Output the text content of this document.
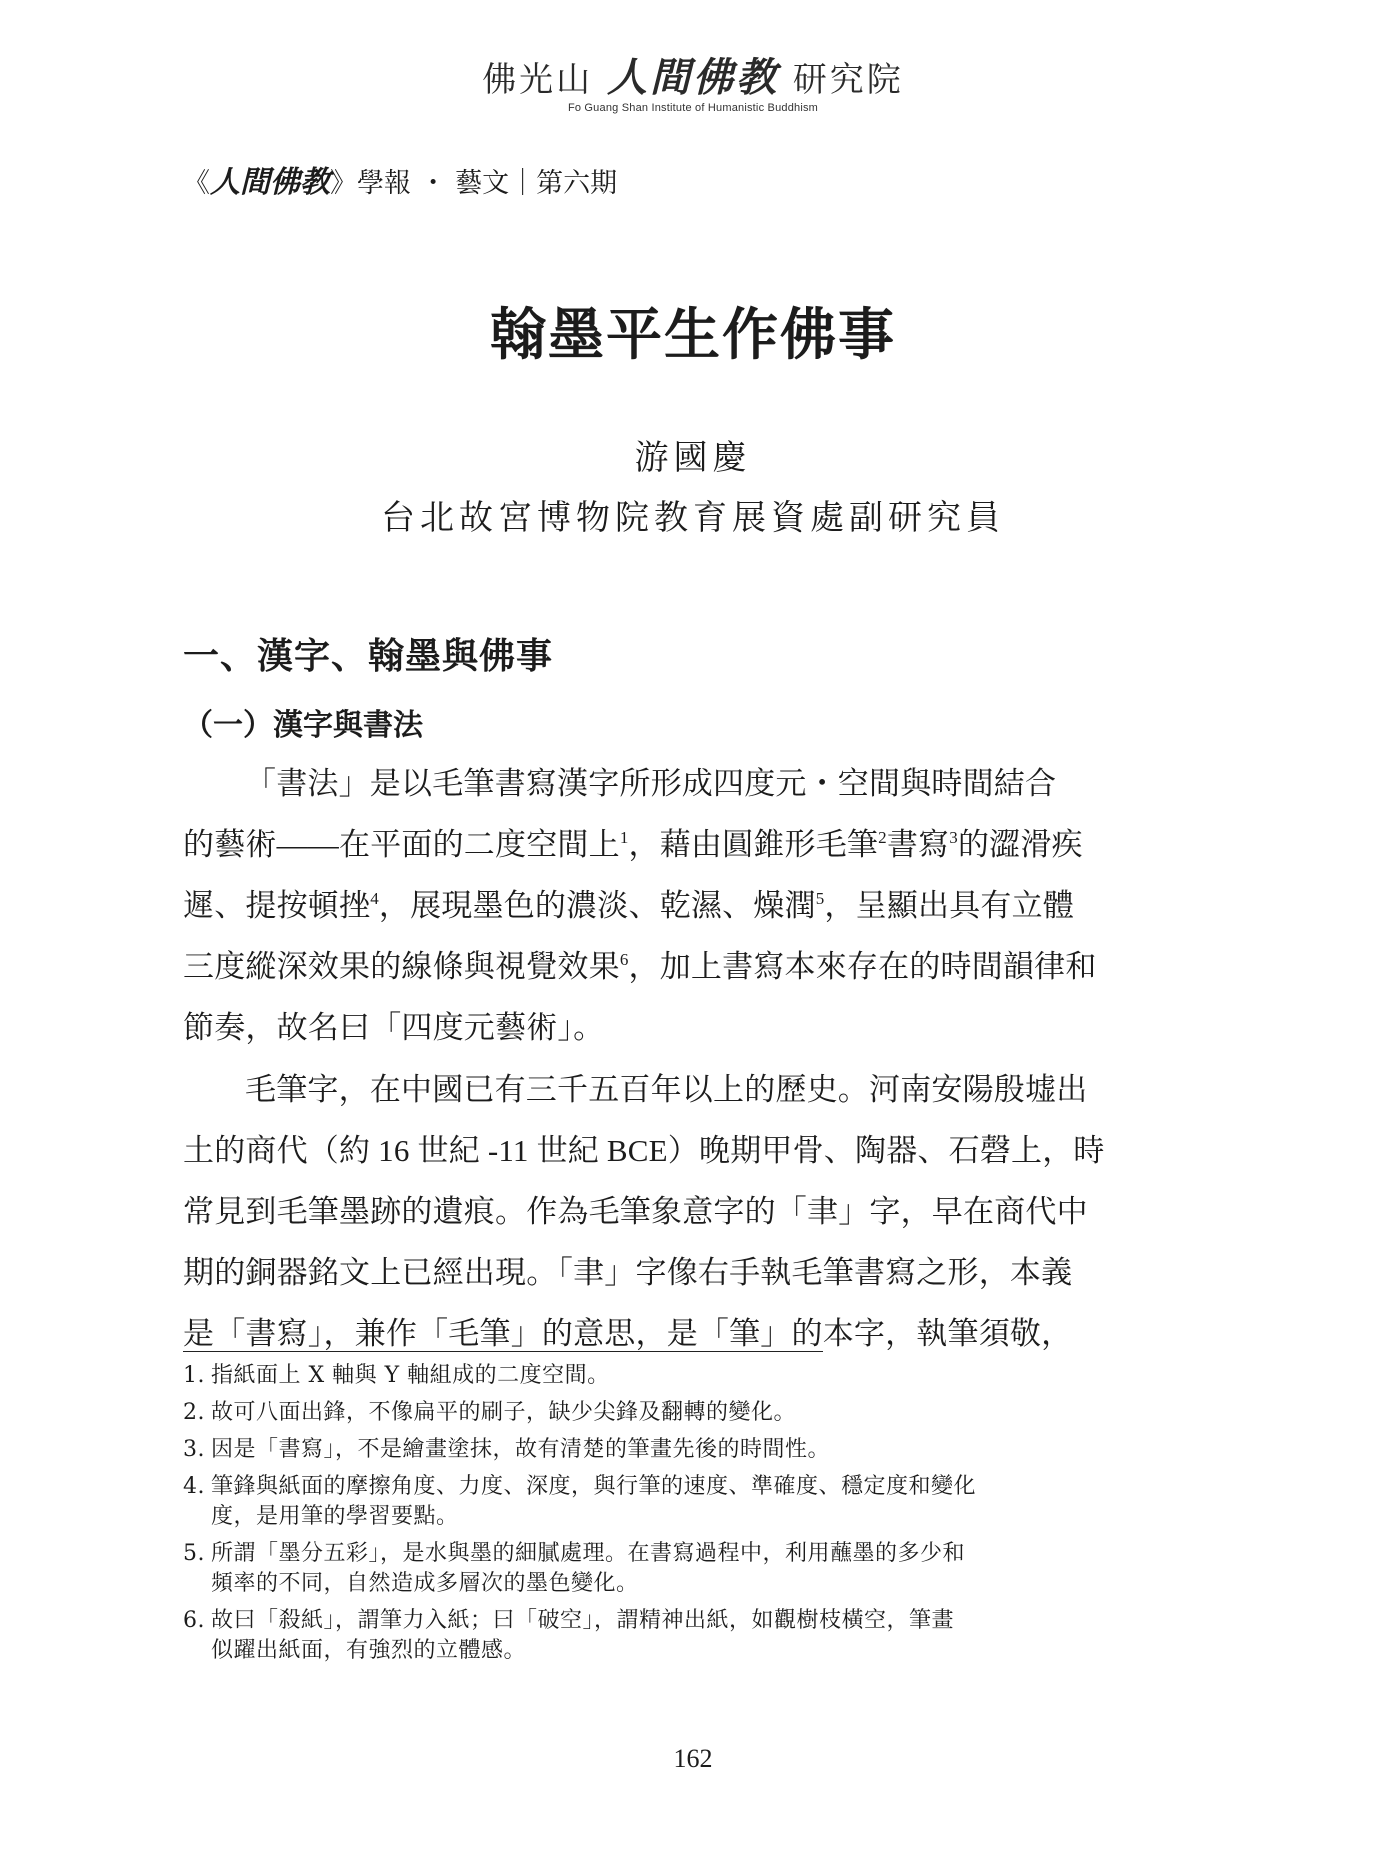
佛光山 人間佛教 研究院
Fo Guang Shan Institute of Humanistic Buddhism
《人間佛教》學報 ・ 藝文｜第六期
翰墨平生作佛事
游國慶
台北故宮博物院教育展資處副研究員
一、漢字、翰墨與佛事
（一）漢字與書法

「書法」是以毛筆書寫漢字所形成四度元・空間與時間結合
的藝術——在平面的二度空間上$^1$，藉由圓錐形毛筆$^2$書寫$^3$的澀滑疾
遲、提按頓挫$^4$，展現墨色的濃淡、乾濕、燥潤$^5$，呈顯出具有立體
三度縱深效果的線條與視覺效果$^6$，加上書寫本來存在的時間韻律和
節奏，故名曰「四度元藝術」。

毛筆字，在中國已有三千五百年以上的歷史。河南安陽殷墟出
土的商代（約 16 世紀 -11 世紀 BCE）晚期甲骨、陶器、石磬上，時
常見到毛筆墨跡的遺痕。作為毛筆象意字的「聿」字，早在商代中
期的銅器銘文上已經出現。「聿」字像右手執毛筆書寫之形，本義
是「書寫」，兼作「毛筆」的意思，是「筆」的本字，執筆須敬，

1. 指紙面上 X 軸與 Y 軸組成的二度空間。
2. 故可八面出鋒，不像扁平的刷子，缺少尖鋒及翻轉的變化。
3. 因是「書寫」，不是繪畫塗抹，故有清楚的筆畫先後的時間性。
4. 筆鋒與紙面的摩擦角度、力度、深度，與行筆的速度、準確度、穩定度和變化
度，是用筆的學習要點。
5. 所謂「墨分五彩」，是水與墨的細膩處理。在書寫過程中，利用蘸墨的多少和
頻率的不同，自然造成多層次的墨色變化。
6. 故曰「殺紙」，謂筆力入紙；曰「破空」，謂精神出紙，如觀樹枝橫空，筆畫
似躍出紙面，有強烈的立體感。
162
